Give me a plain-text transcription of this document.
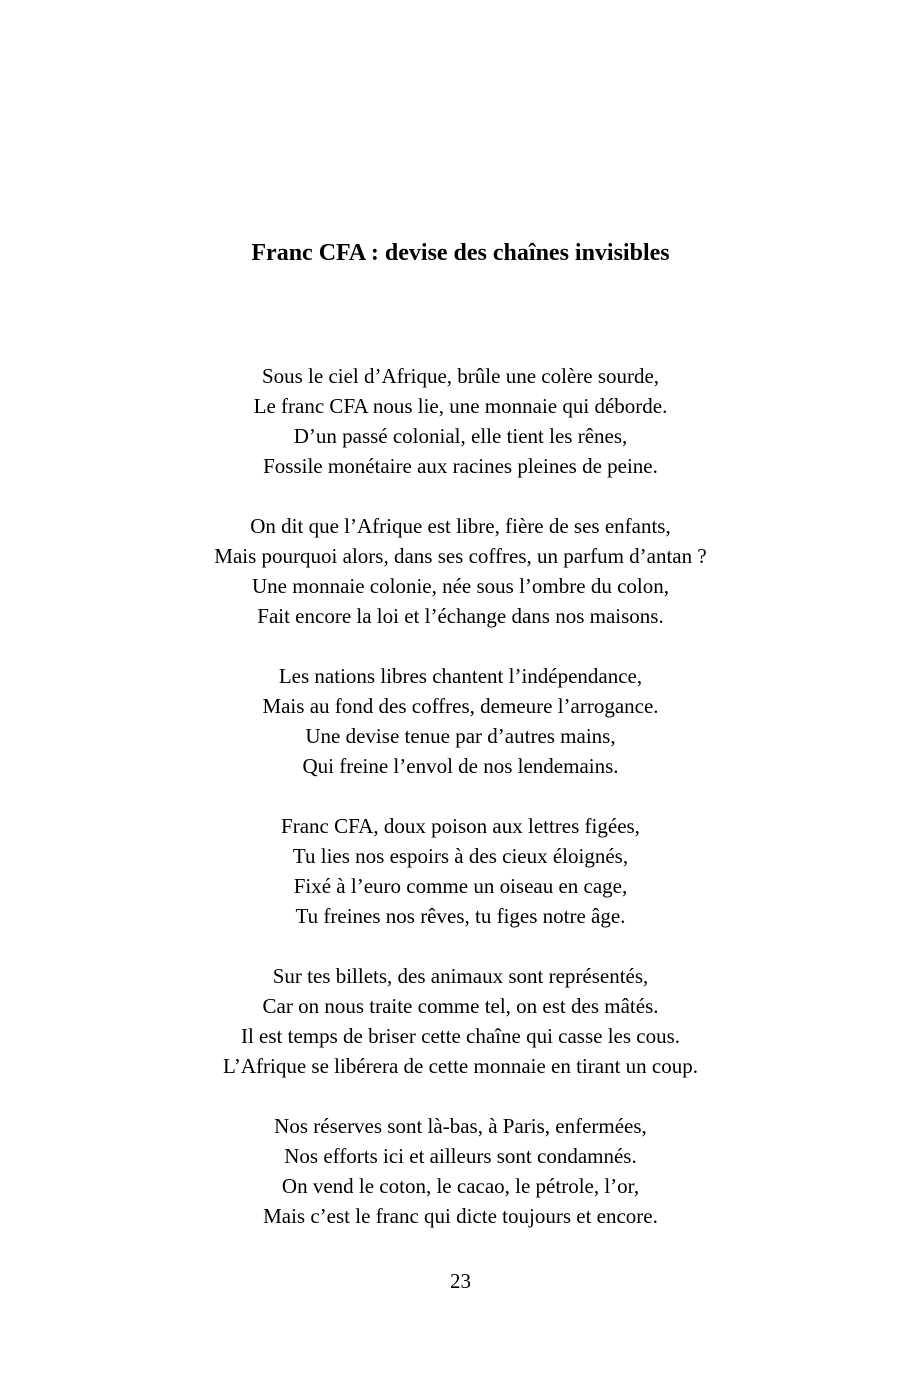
Franc CFA : devise des chaînes invisibles
Sous le ciel d’Afrique, brûle une colère sourde,
Le franc CFA nous lie, une monnaie qui déborde.
D’un passé colonial, elle tient les rênes,
Fossile monétaire aux racines pleines de peine.
On dit que l’Afrique est libre, fière de ses enfants,
Mais pourquoi alors, dans ses coffres, un parfum d’antan ?
Une monnaie colonie, née sous l’ombre du colon,
Fait encore la loi et l’échange dans nos maisons.
Les nations libres chantent l’indépendance,
Mais au fond des coffres, demeure l’arrogance.
Une devise tenue par d’autres mains,
Qui freine l’envol de nos lendemains.
Franc CFA, doux poison aux lettres figées,
Tu lies nos espoirs à des cieux éloignés,
Fixé à l’euro comme un oiseau en cage,
Tu freines nos rêves, tu figes notre âge.
Sur tes billets, des animaux sont représentés,
Car on nous traite comme tel, on est des mâtés.
Il est temps de briser cette chaîne qui casse les cous.
L’Afrique se libérera de cette monnaie en tirant un coup.
Nos réserves sont là-bas, à Paris, enfermées,
Nos efforts ici et ailleurs sont condamnés.
On vend le coton, le cacao, le pétrole, l’or,
Mais c’est le franc qui dicte toujours et encore.
23
